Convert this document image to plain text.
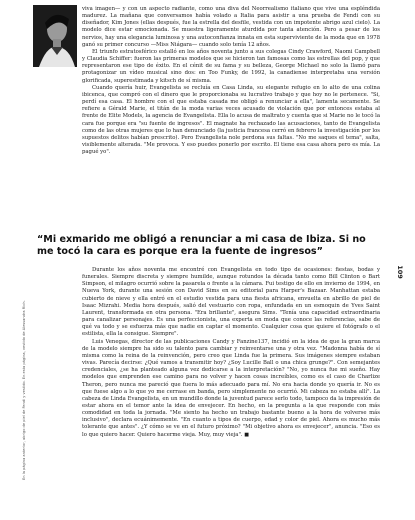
En la página anterior, abrigo de piel de Fendi y vestido. En esta página, vestido de Alessandra Rich.

viva imagen— y con un aspecto radiante, como una diva del Neorrealismo italiano que vive una espléndida madurez. La mañana que conversamos había volado a Italia para asistir a una prueba de Fendi con su diseñador, Kim Jones (ellas después, fue la estrella del desfile, vestida con un impotente abrigo azul cielo). La modelo dice estar emocionada. Se muestra ligeramente aturdida por tanta atención. Pero a pesar de los nervios, hay una elegancia luminosa y una autoconfianza innata en esta superviviente de la moda que en 1978 ganó su primer concurso —Miss Niágara— cuando solo tenía 12 años.

El triunfo estratosférico estalló en los años noventa junto a sus colegas Cindy Crawford, Naomi Campbell y Claudia Schiffer: fueron las primeras modelos que se hicieron tan famosas como las estrellas del pop, y que representaron ese tipo de éxito. En el cénit de su fama y su belleza, George Michael no solo la llamó para protagonizar un vídeo musical sino dos: en Too Funky, de 1992, la canadiense interpretaba una versión glorificada, superestimada y kitsch de sí misma.

Cuando quería huir, Evangelista se recluía en Casa Linda, su elegante refugio en lo alto de una colina ibicenca, que compró con el dinero que le proporcionaba su lucrativo trabajo y que hoy no le pertenece. "Si, perdí esa casa. El hombre con el que estaba casada me obligó a renunciar a ella", lamenta secamente. Se refiere a Gérald Marie, el titán de la moda varias veces acusado de violación que por entonces estaba al frente de Elite Models, la agencia de Evangelista. Ella lo acusa de maltrato y cuenta que si Marie no le tocó la cara fue porque era "su fuente de ingresos". El magnate ha rechazado las acusaciones, tanto de Evangelista como de las otras mujeres que lo han denunciado (la justicia francesa cerró en febrero la investigación por los supuestos delitos habían prescrito). Pero Evangelista nole perdona sus faltas. "No me saques el tema", salta, visiblemente alterada. "Me provoca. Y eso puedes ponerlo por escrito. El tiene esa casa ahora pero es mía. La pagué yo".

“Mi exmarido me obligó a renunciar a mi casa de Ibiza. Si no me tocó la cara es porque era la fuente de ingresos”

Durante los años noventa me encontré con Evangelista en todo tipo de ocasiones: fiestas, bodas y funerales. Siempre discreta y siempre humilde, aunque rotundos la década tanto como Bill Clinton o Bart Simpson, el milagro ocurrió sobre la pasarela o frente a la cámara. Fui testigo de ello en invierno de 1994, en Nueva York, durante una sesión con David Sims en su editorial para Harper's Bazaar. Manhattan estaba cubierto de nieve y ella entró en el estudio vestida para una fiesta africana, envuelta en abrillo de piel de Isaac Mizrahi. Media hora después, salió del vestuario con ropa, enfundada en un esmoquin de Yves Saint Laurent, transformada en otra persona. "Era brillante", asegura Sims. "Tenía una capacidad extraordinaria para canalizar personajes. Es una perfeccionista, una experta en moda que conoce las referencias, sabe de qué va todo y se esfuerza más que nadie en captar el momento. Cualquier cosa que quiere el fotógrafo o el estilista, ella la consigue. Siempre".

Luis Venegas, director de las publicaciones Candy y Fanzine137, incidió en la idea de que la gran marca de la modelo siempre ha sido su talento para cambiar y reinventarse una y otra vez. "Madonna había de sí misma como la reina de la reinvención, pero creo que Linda fue la primera. Sus imágenes siempre estaban vivas. Parecía decirse: ¿Qué vamos a transmitir hoy? ¿Soy Lucille Ball o una chica grunge?". Con semejantes credenciales, ¿se ha planteado alguna vez dedicarse a la interpretación? "No, yo nunca fue mi sueño. Hay modelos que emprenden ese camino para no volver y hacen cosas increíbles, como es el caso de Charlize Theron, pero nunca me pareció que fuera lo más adecuado para mí. No era hacia donde yo quería ir. No es que fuese algo a lo que yo me cerrase en banda, pero simplemente no ocurrió. Mi cabeza no estaba allí". La cabeza de Linda Evangelista, en un mundillo donde la juventud parece serlo todo, tampoco da la impresión de estar ahora en el temor ante la idea de envejecer. En hecho, en la pregunta a la que responde con más comodidad en toda la jornada. "Me siento ha hecho un trabajo bastante bueno a la hora de volverse más inclusivo", declara ecuánimemente. "En cuanto a tipos de cuerpo, edad y color de piel. Ahora es mucho más tolerante que antes". ¿Y cómo se ve en el futuro próximo? "Mi objetivo ahora es envejecer", anuncia. "Eso es lo que quiero hacer. Quiero hacerme vieja. Muy, muy vieja". ■

109
